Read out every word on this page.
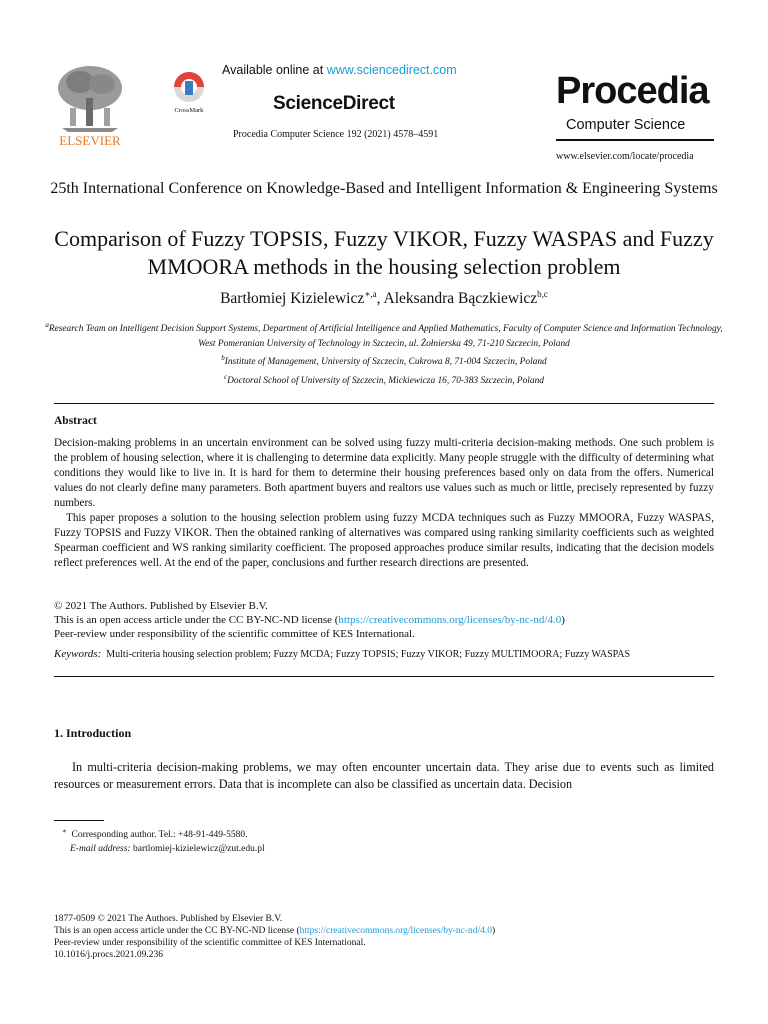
ELSEVIER
CrossMark
Available online at www.sciencedirect.com
ScienceDirect
Procedia Computer Science 192 (2021) 4578–4591
Procedia
Computer Science
www.elsevier.com/locate/procedia
25th International Conference on Knowledge-Based and Intelligent Information & Engineering Systems
Comparison of Fuzzy TOPSIS, Fuzzy VIKOR, Fuzzy WASPAS and Fuzzy MMOORA methods in the housing selection problem
Bartłomiej Kizielewicz$^{∗,a}$, Aleksandra Bączkiewicz$^{b,c}$
$^a$Research Team on Intelligent Decision Support Systems, Department of Artificial Intelligence and Applied Mathematics, Faculty of Computer Science and Information Technology, West Pomeranian University of Technology in Szczecin, ul. Żołnierska 49, 71-210 Szczecin, Poland
$^b$Institute of Management, University of Szczecin, Cukrowa 8, 71-004 Szczecin, Poland
$^c$Doctoral School of University of Szczecin, Mickiewicza 16, 70-383 Szczecin, Poland
Abstract

Decision-making problems in an uncertain environment can be solved using fuzzy multi-criteria decision-making methods. One such problem is the problem of housing selection, where it is challenging to determine data explicitly. Many people struggle with the difficulty of determining what conditions they would like to live in. It is hard for them to determine their housing preferences based only on data from the offers. Numerical values do not clearly define many parameters. Both apartment buyers and realtors use values such as much or little, precisely represented by fuzzy numbers.

This paper proposes a solution to the housing selection problem using fuzzy MCDA techniques such as Fuzzy MMOORA, Fuzzy WASPAS, Fuzzy TOPSIS and Fuzzy VIKOR. Then the obtained ranking of alternatives was compared using ranking similarity coefficients such as weighted Spearman coefficient and WS ranking similarity coefficient. The proposed approaches produce similar results, indicating that the decision models reflect preferences well. At the end of the paper, conclusions and further research directions are presented.

© 2021 The Authors. Published by Elsevier B.V.
This is an open access article under the CC BY-NC-ND license (https://creativecommons.org/licenses/by-nc-nd/4.0)
Peer-review under responsibility of the scientific committee of KES International.
Keywords: Multi-criteria housing selection problem; Fuzzy MCDA; Fuzzy TOPSIS; Fuzzy VIKOR; Fuzzy MULTIMOORA; Fuzzy WASPAS
1. Introduction
In multi-criteria decision-making problems, we may often encounter uncertain data. They arise due to events such as limited resources or measurement errors. Data that is incomplete can also be classified as uncertain data. Decision
∗ Corresponding author. Tel.: +48-91-449-5580.
E-mail address: bartlomiej-kizielewicz@zut.edu.pl
1877-0509 © 2021 The Authors. Published by Elsevier B.V.
This is an open access article under the CC BY-NC-ND license (https://creativecommons.org/licenses/by-nc-nd/4.0)
Peer-review under responsibility of the scientific committee of KES International.
10.1016/j.procs.2021.09.236
